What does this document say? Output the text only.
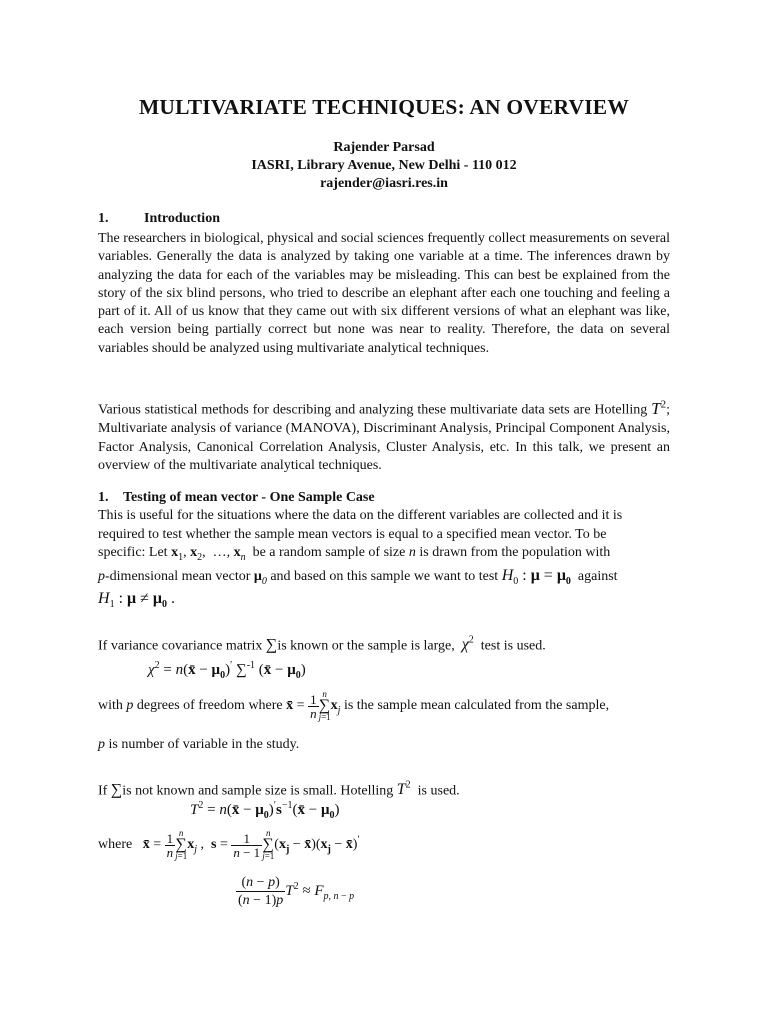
MULTIVARIATE TECHNIQUES: AN OVERVIEW
Rajender Parsad
IASRI, Library Avenue, New Delhi - 110 012
rajender@iasri.res.in
1.	Introduction
The researchers in biological, physical and social sciences frequently collect measurements on several variables. Generally the data is analyzed by taking one variable at a time. The inferences drawn by analyzing the data for each of the variables may be misleading. This can best be explained from the story of the six blind persons, who tried to describe an elephant after each one touching and feeling a part of it. All of us know that they came out with six different versions of what an elephant was like, each version being partially correct but none was near to reality. Therefore, the data on several variables should be analyzed using multivariate analytical techniques.
Various statistical methods for describing and analyzing these multivariate data sets are Hotelling $T^2$; Multivariate analysis of variance (MANOVA), Discriminant Analysis, Principal Component Analysis, Factor Analysis, Canonical Correlation Analysis, Cluster Analysis, etc. In this talk, we present an overview of the multivariate analytical techniques.
1. Testing of mean vector - One Sample Case
This is useful for the situations where the data on the different variables are collected and it is
required to test whether the sample mean vectors is equal to a specified mean vector. To be
specific: Let $x_1$, $x_2$,  …, $x_n$ be a random sample of size n is drawn from the population with
p-dimensional mean vector $\mu_0$ and based on this sample we want to test $H_0$ : $\mu = \mu_0$ against
$H_1$ : $\mu \ne \mu_0$ .
If variance covariance matrix ∑is known or the sample is large, $\chi^2$ test is used.
$\chi^2$ = n(x̄ − $\mu_0)'$ ∑$^{-1}$ (x̄ − $\mu_0$)
with p degrees of freedom where x̄ = $\frac{1}{n}$ n
∑
$j=1x_j$ is the sample mean calculated from the sample,
p is number of variable in the study.
If ∑is not known and sample size is small. Hotelling $T^2$ is used.
$T^2$ = n(x̄ − $\mu_0)'s^{-1}(x̄ - \mu_0)$
where x̄ = $\frac{1}{n}$ n
∑
$j=1x_j$ ,  $s = \frac{1}{n - 1}$ n
∑
$j=1(x_j$ − $x̄)(x_j$ − x̄)′
$\frac{(n - p)}{(n - 1)p} T^2 \approx F_{p, n - p}$
